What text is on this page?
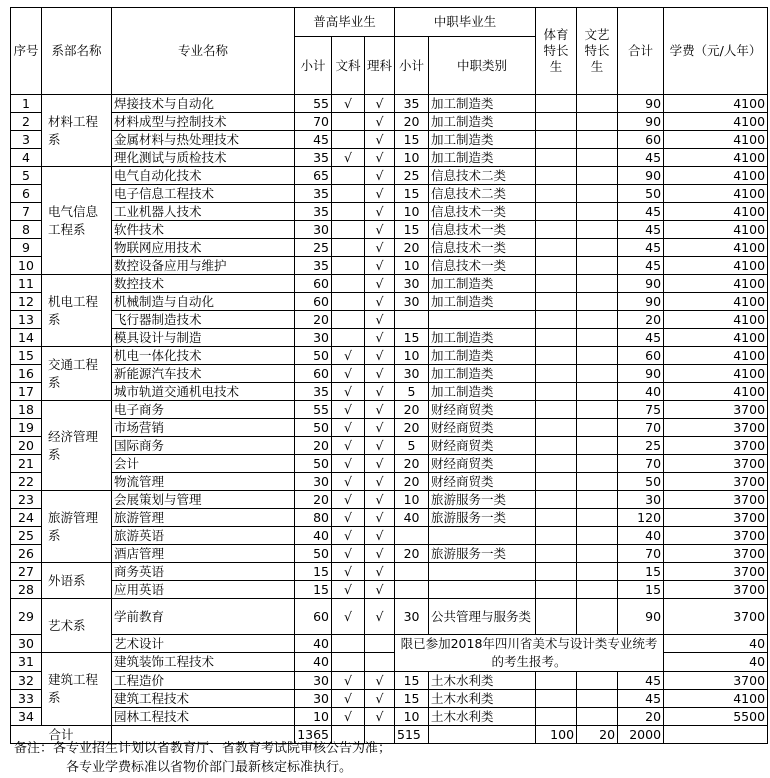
序号	系部名称	专业名称	普高毕业生			中职毕业生		体育特长生	文艺特长生	合计	学费（元/人年）	
			小计	文科	理科	小计	中职类别					
1	材料工程系	焊接技术与自动化	55	√	√	35	加工制造类			90	4100	
2		材料成型与控制技术	70		√	20	加工制造类			90	4100	
3		金属材料与热处理技术	45		√	15	加工制造类			60	4100	
4		理化测试与质检技术	35	√	√	10	加工制造类			45	4100	
5	电气信息工程系	电气自动化技术	65		√	25	信息技术二类			90	4100	
6		电子信息工程技术	35		√	15	信息技术二类			50	4100	
7		工业机器人技术	35		√	10	信息技术一类			45	4100	
8		软件技术	30		√	15	信息技术一类			45	4100	
9		物联网应用技术	25		√	20	信息技术一类			45	4100	
10		数控设备应用与维护	35		√	10	信息技术一类			45	4100	
11	机电工程系	数控技术	60		√	30	加工制造类			90	4100	
12		机械制造与自动化	60		√	30	加工制造类			90	4100	
13		飞行器制造技术	20		√					20	4100	
14		模具设计与制造	30		√	15	加工制造类			45	4100	
15	交通工程系	机电一体化技术	50	√	√	10	加工制造类			60	4100	
16		新能源汽车技术	60	√	√	30	加工制造类			90	4100	
17		城市轨道交通机电技术	35	√	√	5	加工制造类			40	4100	
18	经济管理系	电子商务	55	√	√	20	财经商贸类			75	3700	
19		市场营销	50	√	√	20	财经商贸类			70	3700	
20		国际商务	20	√	√	5	财经商贸类			25	3700	
21		会计	50	√	√	20	财经商贸类			70	3700	
22		物流管理	30	√	√	20	财经商贸类			50	3700	
23	旅游管理系	会展策划与管理	20	√	√	10	旅游服务一类			30	3700	
24		旅游管理	80	√	√	40	旅游服务一类			120	3700	
25		旅游英语	40	√	√					40	3700	
26		酒店管理	50	√	√	20	旅游服务一类			70	3700	
27	外语系	商务英语	15	√	√					15	3700	
28		应用英语	15	√	√					15	3700	
29	艺术系	学前教育	60	√	√	30	公共管理与服务类			90	3700	
30		艺术设计	40			限已参加2018年四川省美术与设计类专业统考的考生报考。					40	
31	建筑工程系	建筑装饰工程技术	40								40	
32		工程造价	30	√	√	15	土木水利类			45	3700	
33		建筑工程技术	30	√	√	15	土木水利类			45	4100	
34		园林工程技术	10	√	√	10	土木水利类			20	5500	
合计			1365			515		100	20	2000		
备注：各专业招生计划以省教育厅、省教育考试院审核公告为准；
各专业学费标准以省物价部门最新核定标准执行。
